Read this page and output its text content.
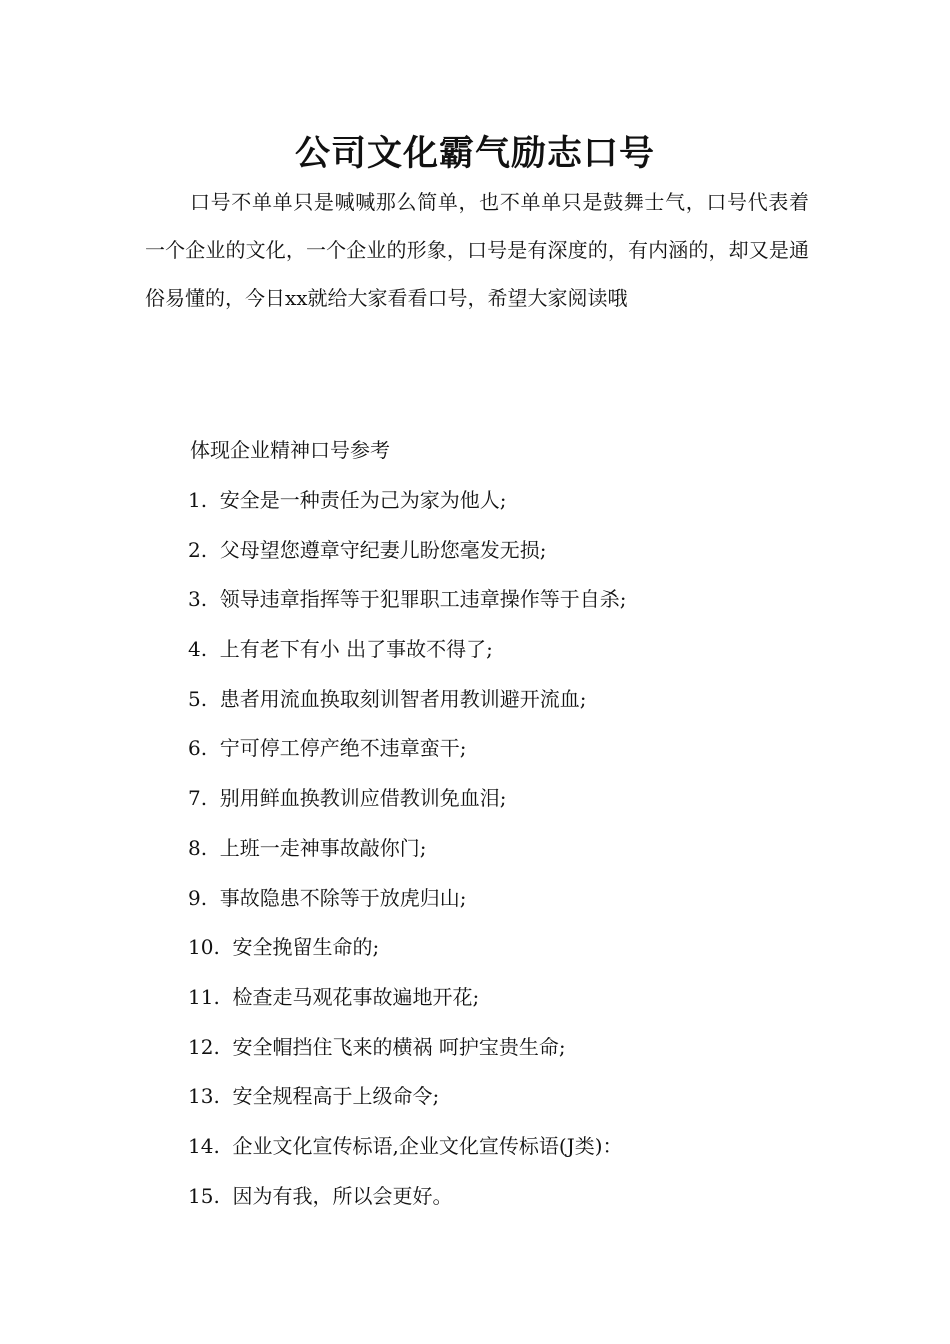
公司文化霸气励志口号

口号不单单只是喊喊那么简单，也不单单只是鼓舞士气，口号代表着一个企业的文化，一个企业的形象，口号是有深度的，有内涵的，却又是通俗易懂的，今日xx就给大家看看口号，希望大家阅读哦

体现企业精神口号参考

1. 安全是一种责任为己为家为他人;
2. 父母望您遵章守纪妻儿盼您毫发无损;
3. 领导违章指挥等于犯罪职工违章操作等于自杀;
4. 上有老下有小 出了事故不得了;
5. 患者用流血换取刻训智者用教训避开流血;
6. 宁可停工停产绝不违章蛮干;
7. 别用鲜血换教训应借教训免血泪;
8. 上班一走神事故敲你门;
9. 事故隐患不除等于放虎归山;
10. 安全挽留生命的;
11. 检查走马观花事故遍地开花;
12. 安全帽挡住飞来的横祸 呵护宝贵生命;
13. 安全规程高于上级命令;
14. 企业文化宣传标语,企业文化宣传标语(J类)：
15. 因为有我，所以会更好。
